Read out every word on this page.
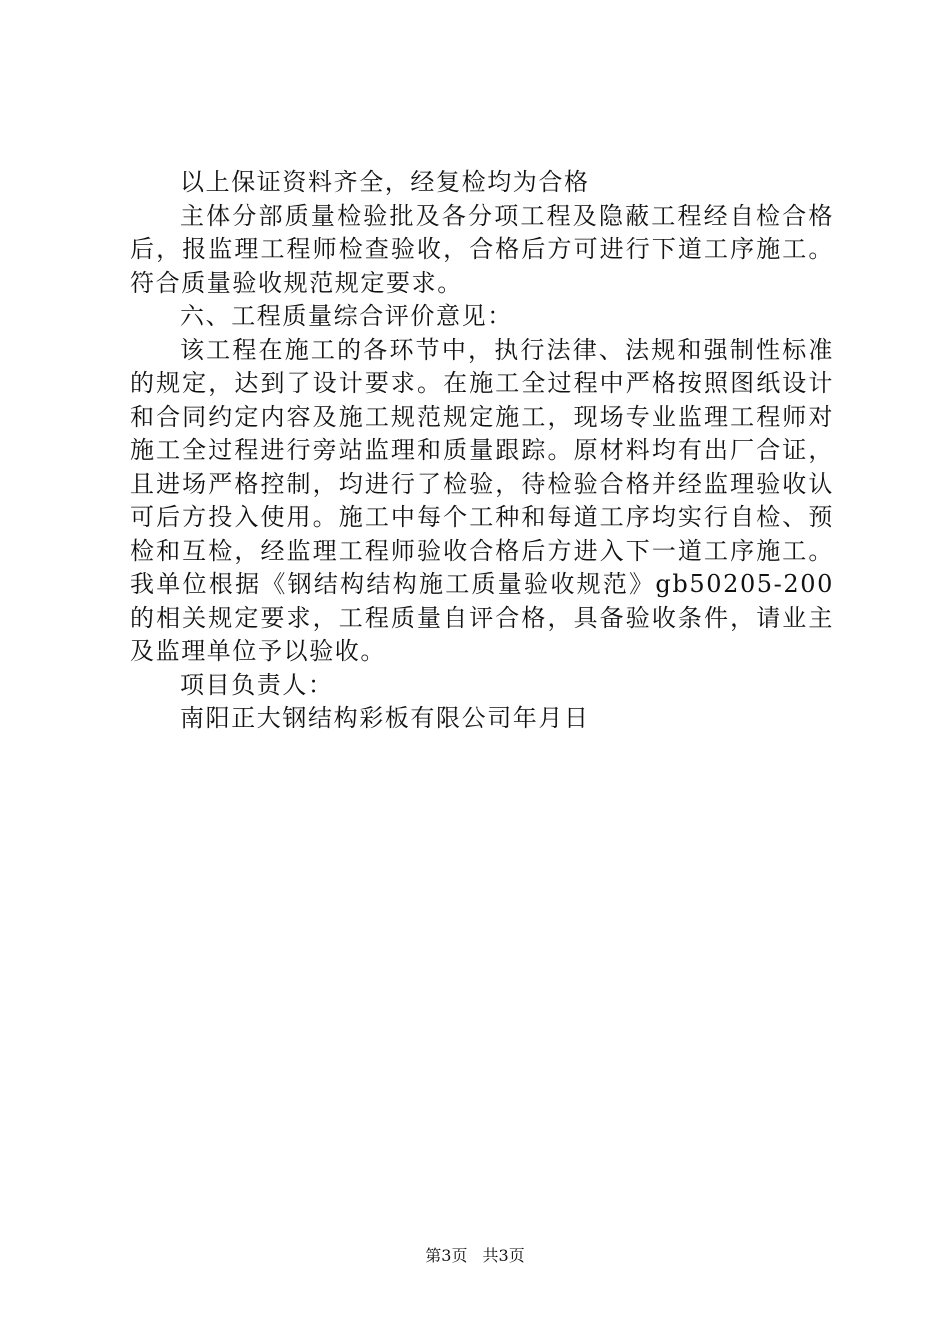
以上保证资料齐全，经复检均为合格

主体分部质量检验批及各分项工程及隐蔽工程经自检合格后，报监理工程师检查验收，合格后方可进行下道工序施工。符合质量验收规范规定要求。

六、工程质量综合评价意见：

该工程在施工的各环节中，执行法律、法规和强制性标准的规定，达到了设计要求。在施工全过程中严格按照图纸设计和合同约定内容及施工规范规定施工，现场专业监理工程师对施工全过程进行旁站监理和质量跟踪。原材料均有出厂合证，且进场严格控制，均进行了检验，待检验合格并经监理验收认可后方投入使用。施工中每个工种和每道工序均实行自检、预检和互检，经监理工程师验收合格后方进入下一道工序施工。我单位根据《钢结构结构施工质量验收规范》gb50205-200的相关规定要求，工程质量自评合格，具备验收条件，请业主及监理单位予以验收。

项目负责人：

南阳正大钢结构彩板有限公司年月日

第3页 共3页
